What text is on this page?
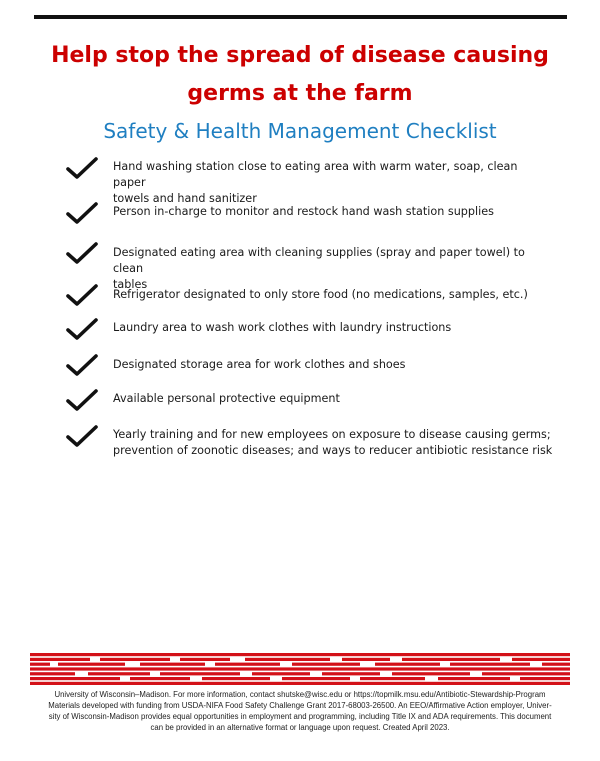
Help stop the spread of disease causing
germs at the farm
Safety & Health Management Checklist
Hand washing station close to eating area with warm water, soap, clean paper
towels and hand sanitizer
Person in-charge to monitor and restock hand wash station supplies
Designated eating area with cleaning supplies (spray and paper towel) to clean
tables
Refrigerator designated to only store food (no medications, samples, etc.)
Laundry area to wash work clothes with laundry instructions
Designated storage area for work clothes and shoes
Available personal protective equipment
Yearly training and for new employees on exposure to disease causing germs;
prevention of zoonotic diseases; and ways to reducer antibiotic resistance risk
University of Wisconsin–Madison. For more information, contact shutske@wisc.edu or https://topmilk.msu.edu/Antibiotic-Stewardship-Program
Materials developed with funding from USDA-NIFA Food Safety Challenge Grant 2017-68003-26500. An EEO/Affirmative Action employer, Univer-
sity of Wisconsin-Madison provides equal opportunities in employment and programming, including Title IX and ADA requirements. This document
can be provided in an alternative format or language upon request. Created April 2023.
